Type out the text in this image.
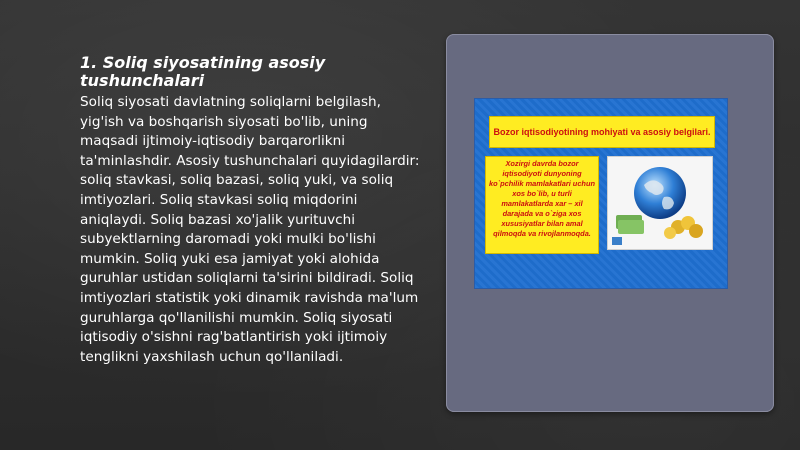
1. Soliq siyosatining asosiy tushunchalari
Soliq siyosati davlatning soliqlarni belgilash, yig'ish va boshqarish siyosati bo'lib, uning maqsadi ijtimoiy-iqtisodiy barqarorlikni ta'minlashdir. Asosiy tushunchalari quyidagilardir: soliq stavkasi, soliq bazasi, soliq yuki, va soliq imtiyozlari. Soliq stavkasi soliq miqdorini aniqlaydi. Soliq bazasi xo'jalik yurituvchi subyektlarning daromadi yoki mulki bo'lishi mumkin. Soliq yuki esa jamiyat yoki alohida guruhlar ustidan soliqlarni ta'sirini bildiradi. Soliq imtiyozlari statistik yoki dinamik ravishda ma'lum guruhlarga qo'llanilishi mumkin. Soliq siyosati iqtisodiy o'sishni rag'batlantirish yoki ijtimoiy tenglikni yaxshilash uchun qo'llaniladi.
Bozor iqtisodiyotining mohiyati va asosiy belgilari.
Xozirgi davrda bozor iqtisodiyoti dunyoning ko`pchilik mamlakatlari uchun xos bo`lib, u turli mamlakatlarda xar – xil darajada va o`ziga xos xususiyatlar bilan amal qilmoqda va rivojlanmoqda.
